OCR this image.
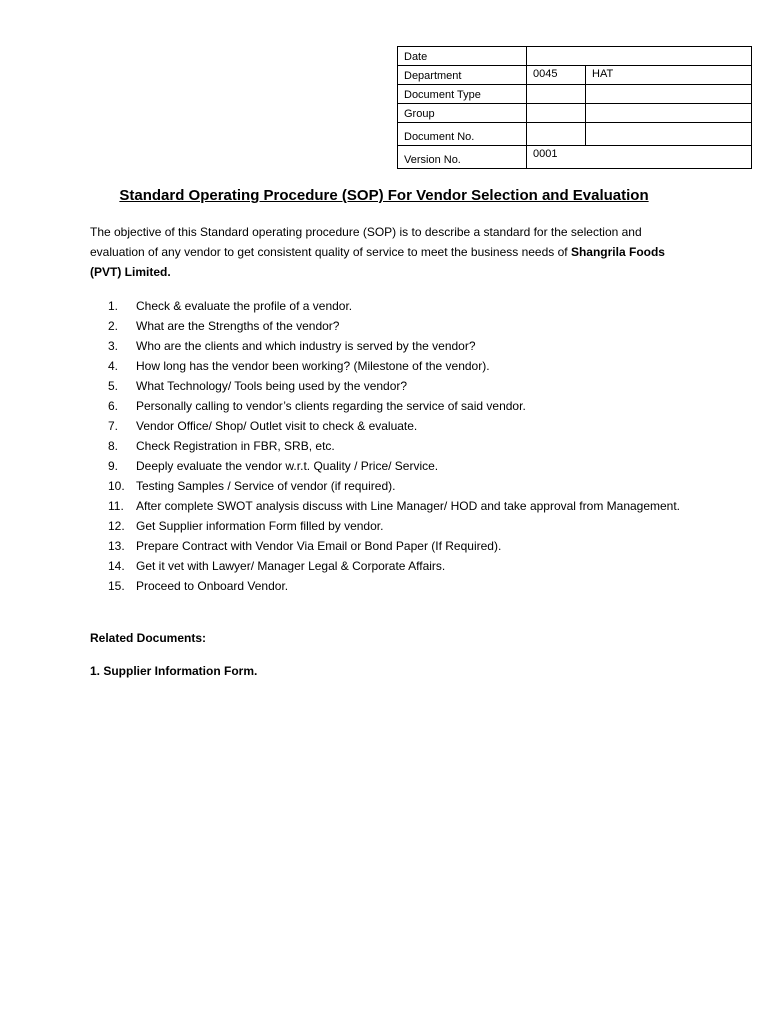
Date		
Department	0045	HAT
Document Type		
Group		
Document No.		
Version No.	0001	
Standard Operating Procedure (SOP) For Vendor Selection and Evaluation

The objective of this Standard operating procedure (SOP) is to describe a standard for the selection and evaluation of any vendor to get consistent quality of service to meet the business needs of Shangrila Foods (PVT) Limited.

1.	Check & evaluate the profile of a vendor.
2.	What are the Strengths of the vendor?
3.	Who are the clients and which industry is served by the vendor?
4.	How long has the vendor been working? (Milestone of the vendor).
5.	What Technology/ Tools being used by the vendor?
6.	Personally calling to vendor’s clients regarding the service of said vendor.
7.	Vendor Office/ Shop/ Outlet visit to check & evaluate.
8.	Check Registration in FBR, SRB, etc.
9.	Deeply evaluate the vendor w.r.t. Quality / Price/ Service.
10. Testing Samples / Service of vendor (if required).
11.	After complete SWOT analysis discuss with Line Manager/ HOD and take approval from Management.
12. Get Supplier information Form filled by vendor.
13. Prepare Contract with Vendor Via Email or Bond Paper (If Required).
14. Get it vet with Lawyer/ Manager Legal & Corporate Affairs.
15. Proceed to Onboard Vendor.
Related Documents:
1. Supplier Information Form.
